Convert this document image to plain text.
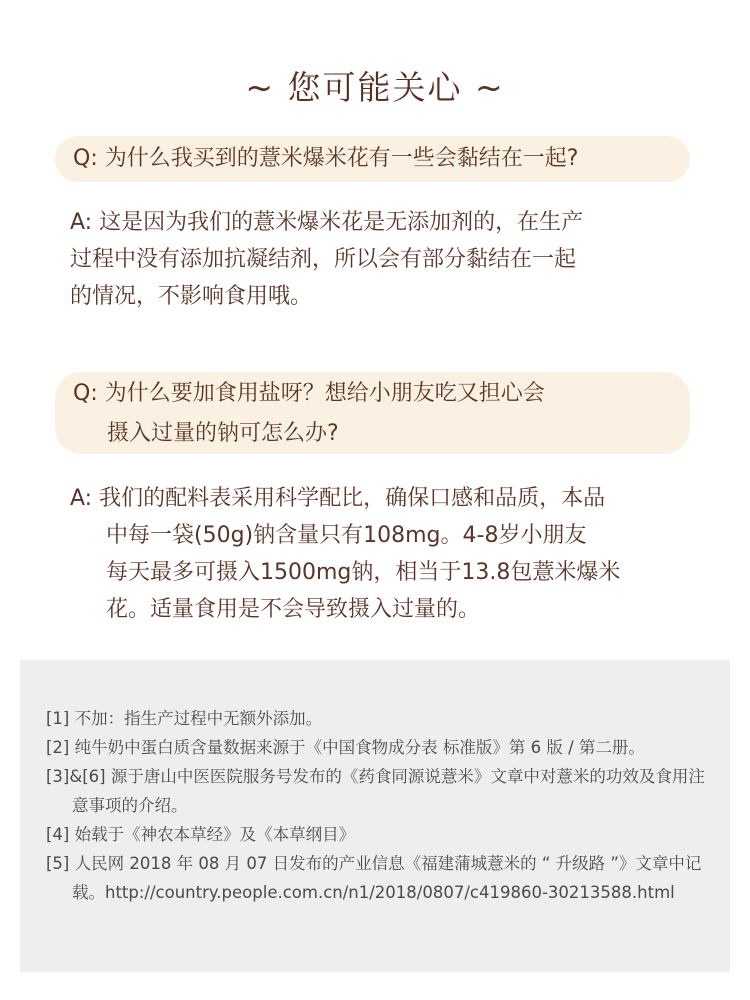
~ 您可能关心 ~
Q: 为什么我买到的薏米爆米花有一些会黏结在一起?
A: 这是因为我们的薏米爆米花是无添加剂的，在生产
过程中没有添加抗凝结剂，所以会有部分黏结在一起
的情况，不影响食用哦。
Q: 为什么要加食用盐呀？想给小朋友吃又担心会
摄入过量的钠可怎么办?
A: 我们的配料表采用科学配比，确保口感和品质，本品
中每一袋(50g)钠含量只有108mg。4-8岁小朋友
每天最多可摄入1500mg钠，相当于13.8包薏米爆米
花。适量食用是不会导致摄入过量的。

[1] 不加：指生产过程中无额外添加。

[2] 纯牛奶中蛋白质含量数据来源于《中国食物成分表 标准版》第 6 版 / 第二册。

[3]&[6] 源于唐山中医医院服务号发布的《药食同源说薏米》文章中对薏米的功效及食用注意事项的介绍。

[4] 始载于《神农本草经》及《本草纲目》

[5] 人民网 2018 年 08 月 07 日发布的产业信息《福建蒲城薏米的 “ 升级路 ”》文章中记载。http://country.people.com.cn/n1/2018/0807/c419860-30213588.html
